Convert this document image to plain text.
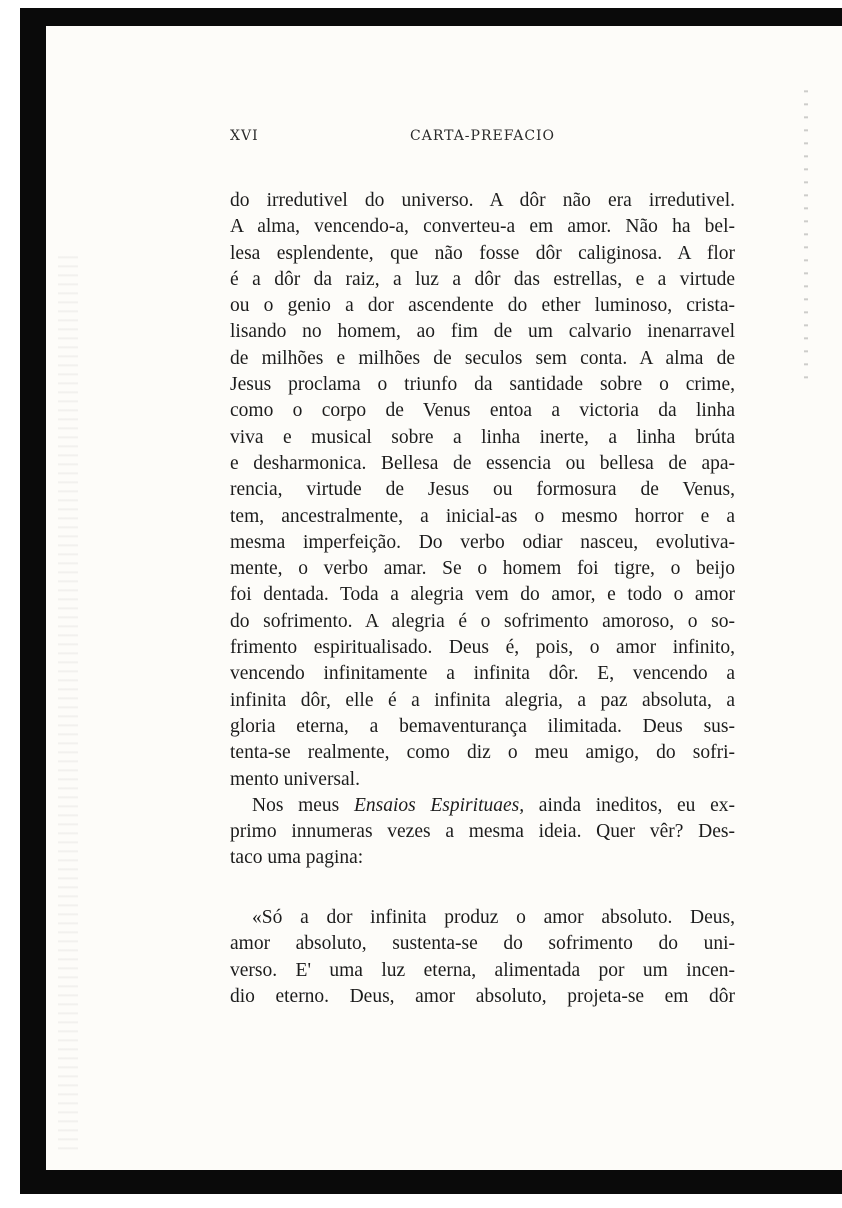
XVI	CARTA-PREFACIO
do irredutivel do universo. A dôr não era irredutivel.
A alma, vencendo-a, converteu-a em amor. Não ha bel-
lesa esplendente, que não fosse dôr caliginosa. A flor
é a dôr da raiz, a luz a dôr das estrellas, e a virtude
ou o genio a dor ascendente do ether luminoso, crista-
lisando no homem, ao fim de um calvario inenarravel
de milhões e milhões de seculos sem conta. A alma de
Jesus proclama o triunfo da santidade sobre o crime,
como o corpo de Venus entoa a victoria da linha
viva e musical sobre a linha inerte, a linha brúta
e desharmonica. Bellesa de essencia ou bellesa de apa-
rencia, virtude de Jesus ou formosura de Venus,
tem, ancestralmente, a inicial-as o mesmo horror e a
mesma imperfeição. Do verbo odiar nasceu, evolutiva-
mente, o verbo amar. Se o homem foi tigre, o beijo
foi dentada. Toda a alegria vem do amor, e todo o amor
do sofrimento. A alegria é o sofrimento amoroso, o so-
frimento espiritualisado. Deus é, pois, o amor infinito,
vencendo infinitamente a infinita dôr. E, vencendo a
infinita dôr, elle é a infinita alegria, a paz absoluta, a
gloria eterna, a bemaventurança ilimitada. Deus sus-
tenta-se realmente, como diz o meu amigo, do sofri-
mento universal.
Nos meus Ensaios Espirituaes, ainda ineditos, eu ex-
primo innumeras vezes a mesma ideia. Quer vêr? Des-
taco uma pagina:
«Só a dor infinita produz o amor absoluto. Deus,
amor absoluto, sustenta-se do sofrimento do uni-
verso. E' uma luz eterna, alimentada por um incen-
dio eterno. Deus, amor absoluto, projeta-se em dôr
